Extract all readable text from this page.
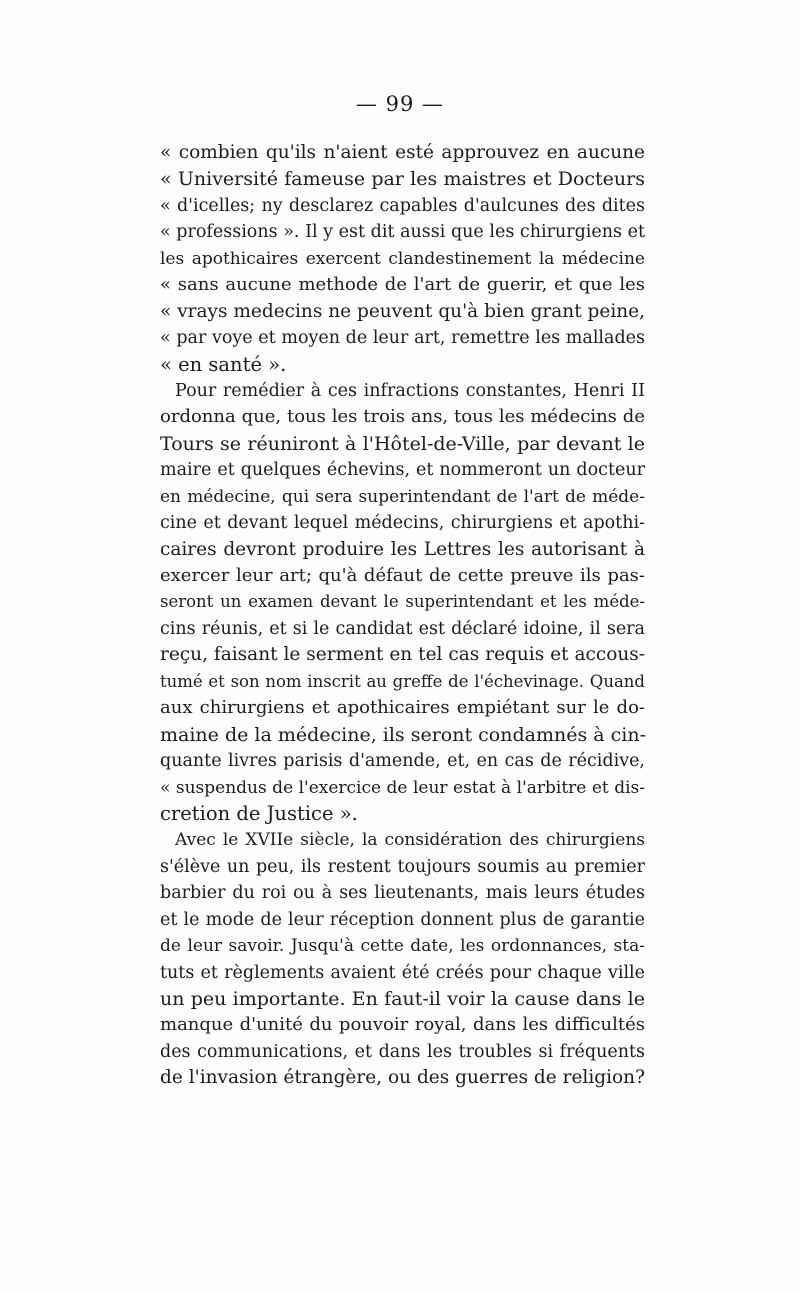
— 99 —
« combien qu'ils n'aient esté approuvez en aucune
« Université fameuse par les maistres et Docteurs
« d'icelles; ny desclarez capables d'aulcunes des dites
« professions ». Il y est dit aussi que les chirurgiens et
les apothicaires exercent clandestinement la médecine
« sans aucune methode de l'art de guerir, et que les
« vrays medecins ne peuvent qu'à bien grant peine,
« par voye et moyen de leur art, remettre les mallades
« en santé ».
Pour remédier à ces infractions constantes, Henri II
ordonna que, tous les trois ans, tous les médecins de
Tours se réuniront à l'Hôtel-de-Ville, par devant le
maire et quelques échevins, et nommeront un docteur
en médecine, qui sera superintendant de l'art de méde-
cine et devant lequel médecins, chirurgiens et apothi-
caires devront produire les Lettres les autorisant à
exercer leur art; qu'à défaut de cette preuve ils pas-
seront un examen devant le superintendant et les méde-
cins réunis, et si le candidat est déclaré idoine, il sera
reçu, faisant le serment en tel cas requis et accous-
tumé et son nom inscrit au greffe de l'échevinage. Quand
aux chirurgiens et apothicaires empiétant sur le do-
maine de la médecine, ils seront condamnés à cin-
quante livres parisis d'amende, et, en cas de récidive,
« suspendus de l'exercice de leur estat à l'arbitre et dis-
cretion de Justice ».
Avec le XVIIe siècle, la considération des chirurgiens
s'élève un peu, ils restent toujours soumis au premier
barbier du roi ou à ses lieutenants, mais leurs études
et le mode de leur réception donnent plus de garantie
de leur savoir. Jusqu'à cette date, les ordonnances, sta-
tuts et règlements avaient été créés pour chaque ville
un peu importante. En faut-il voir la cause dans le
manque d'unité du pouvoir royal, dans les difficultés
des communications, et dans les troubles si fréquents
de l'invasion étrangère, ou des guerres de religion?
